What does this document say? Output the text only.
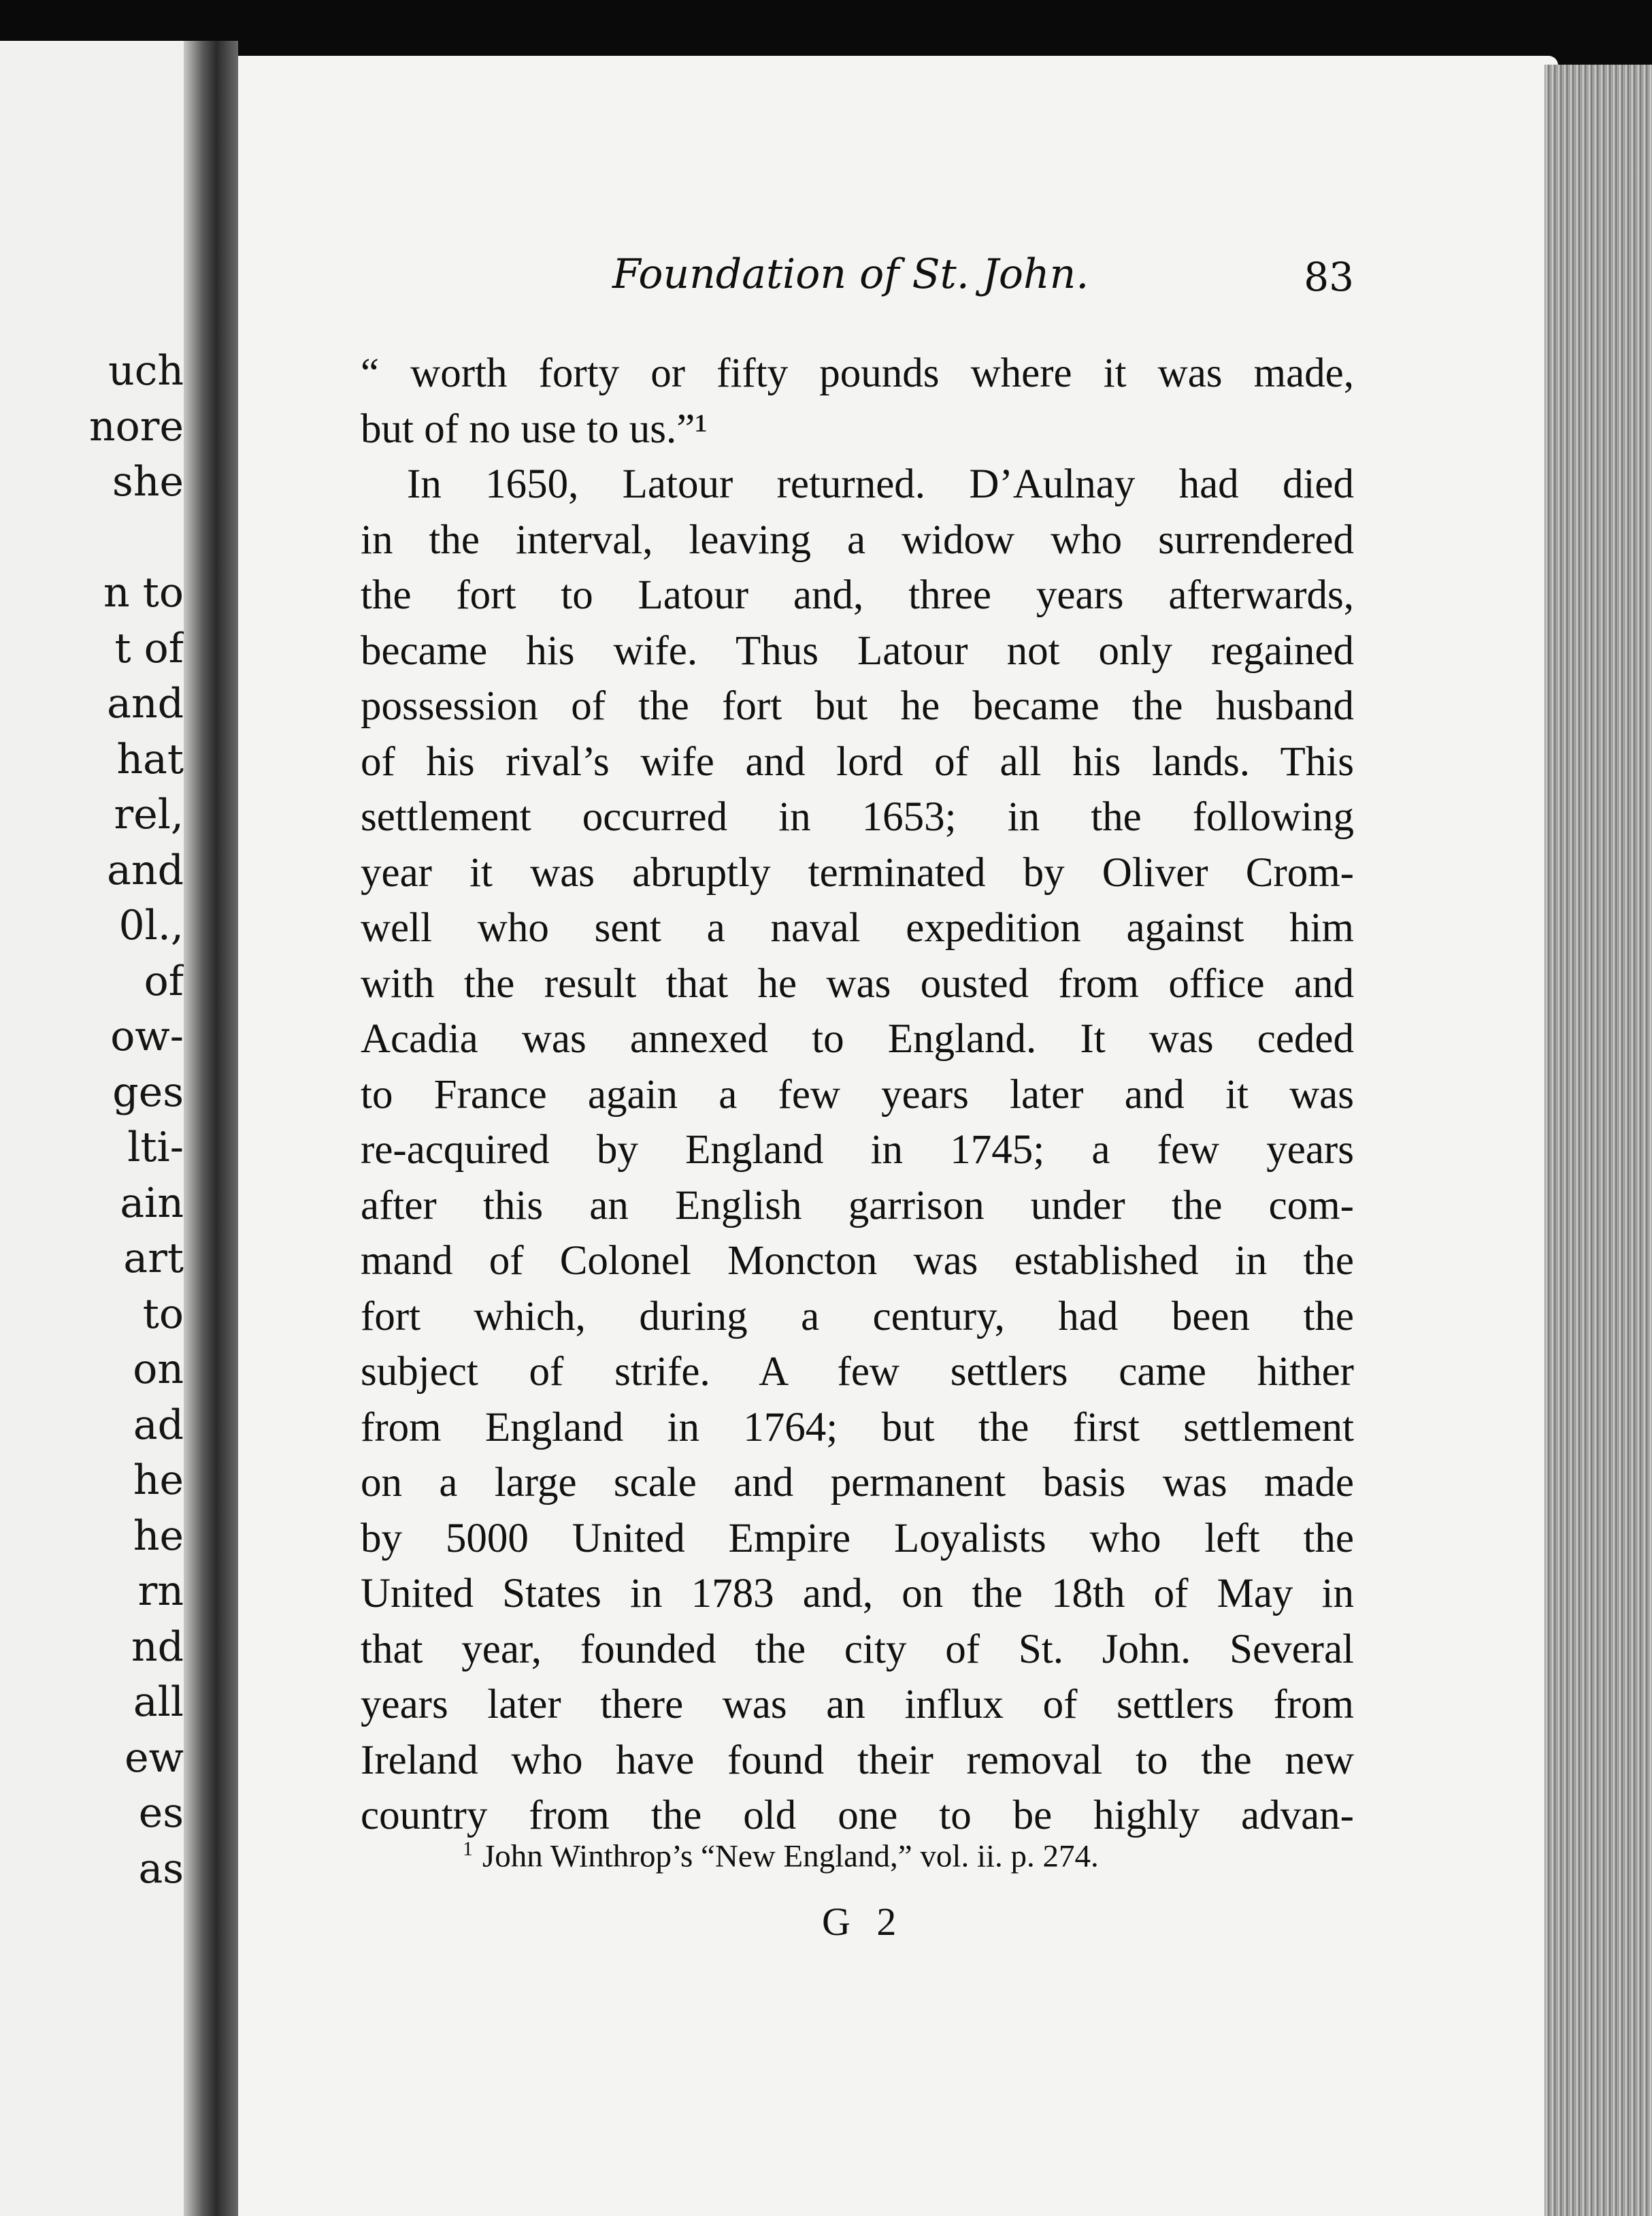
uch
nore
she
n to
t of
and
hat
rel,
and
0l.,
of
ow-
ges
lti-
ain
art
to
on
ad
he
he
rn
nd
all
ew
es
as
Foundation of St. John.	83
“ worth forty or fifty pounds where it was made,
but of no use to us.”¹
In 1650, Latour returned. D’Aulnay had died
in the interval, leaving a widow who surrendered
the fort to Latour and, three years afterwards,
became his wife. Thus Latour not only regained
possession of the fort but he became the husband
of his rival’s wife and lord of all his lands. This
settlement occurred in 1653; in the following
year it was abruptly terminated by Oliver Crom-
well who sent a naval expedition against him
with the result that he was ousted from office and
Acadia was annexed to England. It was ceded
to France again a few years later and it was
re-acquired by England in 1745; a few years
after this an English garrison under the com-
mand of Colonel Moncton was established in the
fort which, during a century, had been the
subject of strife. A few settlers came hither
from England in 1764; but the first settlement
on a large scale and permanent basis was made
by 5000 United Empire Loyalists who left the
United States in 1783 and, on the 18th of May in
that year, founded the city of St. John. Several
years later there was an influx of settlers from
Ireland who have found their removal to the new
country from the old one to be highly advan-
$^1$ John Winthrop’s “New England,” vol. ii. p. 274.
G 2
